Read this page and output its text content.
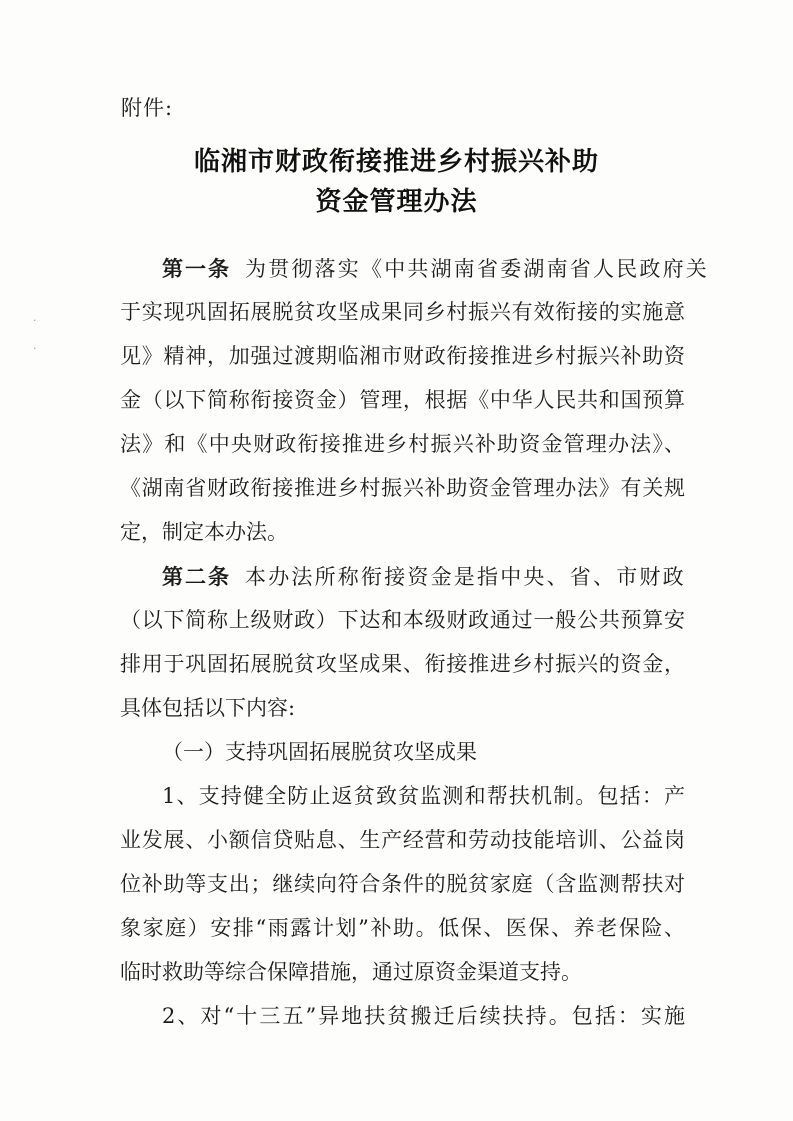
·
·
附件:
临湘市财政衔接推进乡村振兴补助
资金管理办法
第一条 为贯彻落实《中共湖南省委湖南省人民政府关
于实现巩固拓展脱贫攻坚成果同乡村振兴有效衔接的实施意
见》精神，加强过渡期临湘市财政衔接推进乡村振兴补助资
金（以下简称衔接资金）管理，根据《中华人民共和国预算
法》和《中央财政衔接推进乡村振兴补助资金管理办法》、
《湖南省财政衔接推进乡村振兴补助资金管理办法》有关规
定，制定本办法。
第二条 本办法所称衔接资金是指中央、省、市财政
（以下简称上级财政）下达和本级财政通过一般公共预算安
排用于巩固拓展脱贫攻坚成果、衔接推进乡村振兴的资金，
具体包括以下内容:
（一）支持巩固拓展脱贫攻坚成果
1、支持健全防止返贫致贫监测和帮扶机制。包括：产
业发展、小额信贷贴息、生产经营和劳动技能培训、公益岗
位补助等支出；继续向符合条件的脱贫家庭（含监测帮扶对
象家庭）安排“雨露计划”补助。低保、医保、养老保险、
临时救助等综合保障措施，通过原资金渠道支持。
2、对“十三五”异地扶贫搬迁后续扶持。包括：实施
